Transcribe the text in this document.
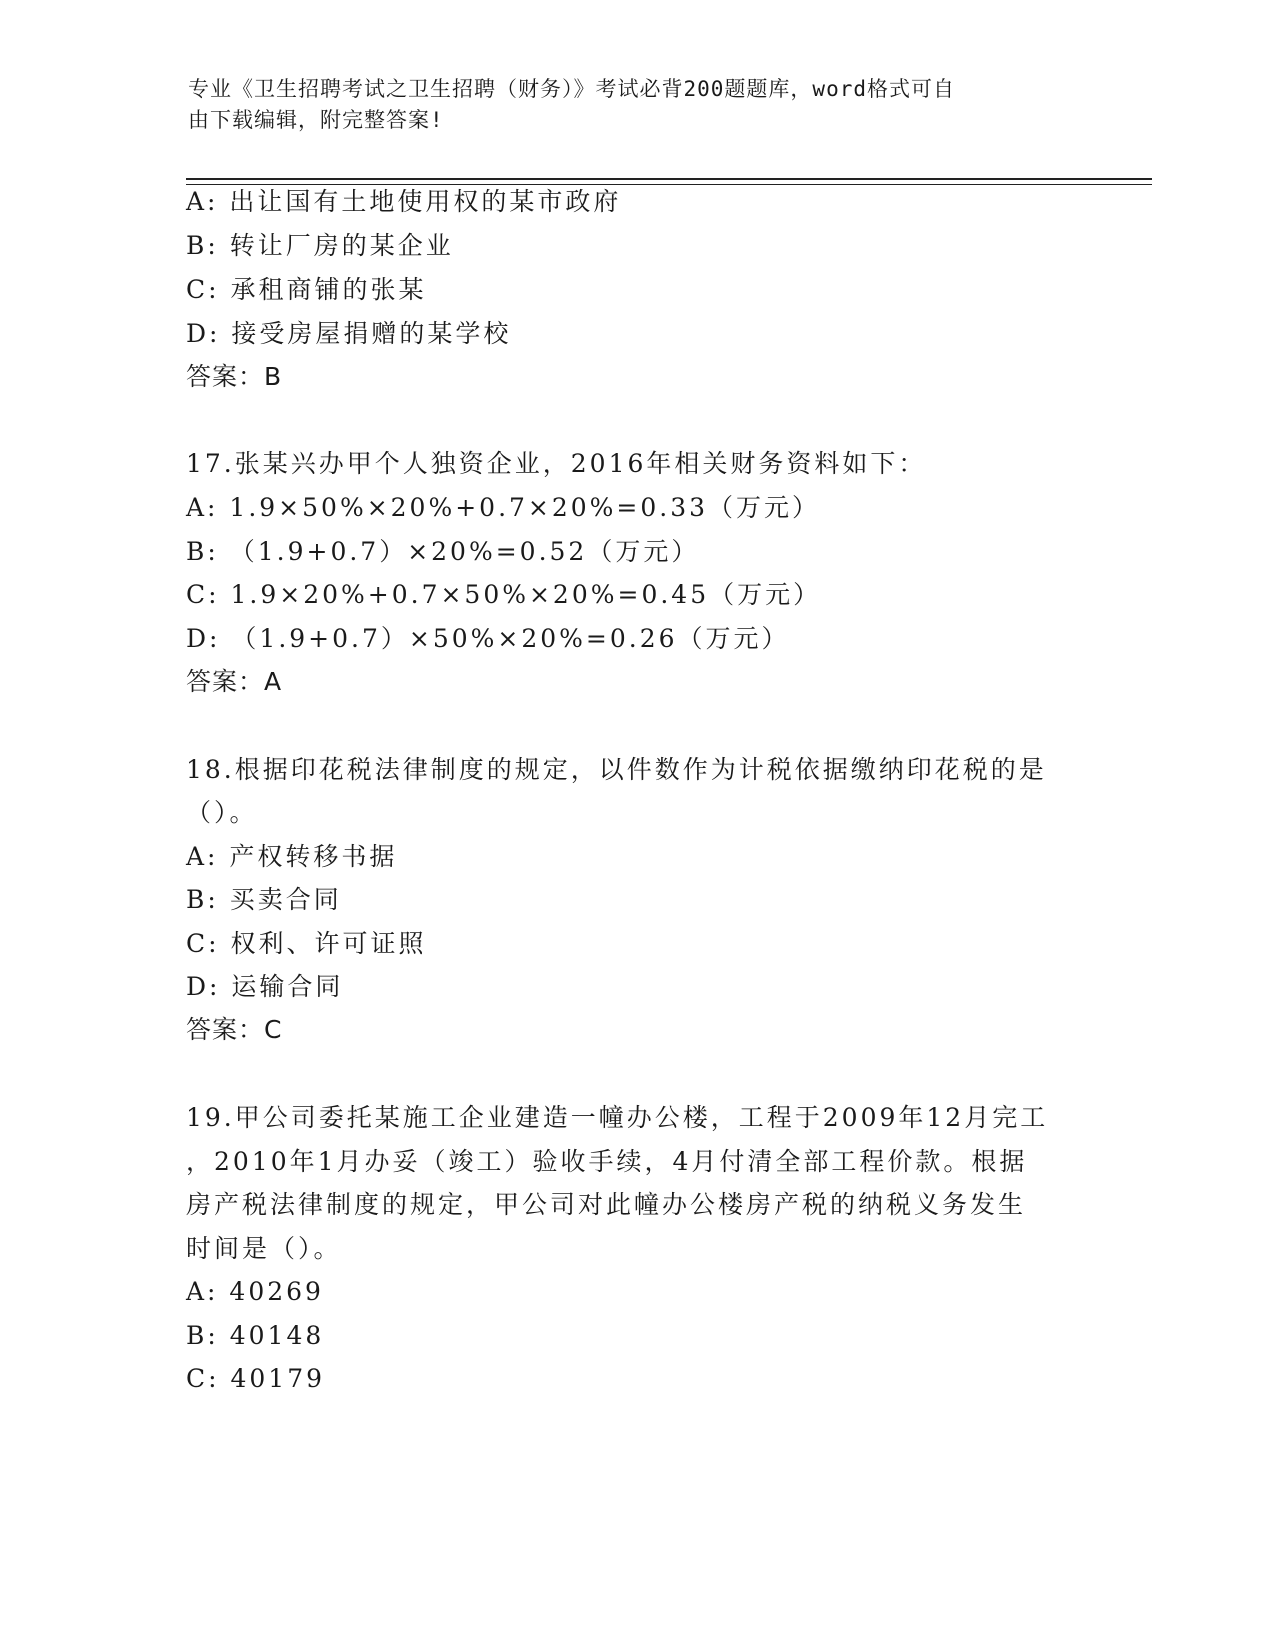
专业《卫生招聘考试之卫生招聘（财务）》考试必背200题题库，word格式可自
由下载编辑，附完整答案!
A: 出让国有土地使用权的某市政府
B: 转让厂房的某企业
C: 承租商铺的张某
D: 接受房屋捐赠的某学校
答案：B
17.张某兴办甲个人独资企业，2016年相关财务资料如下：
A: 1.9×50%×20%+0.7×20%=0.33（万元）
B: （1.9+0.7）×20%=0.52（万元）
C: 1.9×20%+0.7×50%×20%=0.45（万元）
D: （1.9+0.7）×50%×20%=0.26（万元）
答案：A
18.根据印花税法律制度的规定，以件数作为计税依据缴纳印花税的是
（）。
A: 产权转移书据
B: 买卖合同
C: 权利、许可证照
D: 运输合同
答案：C
19.甲公司委托某施工企业建造一幢办公楼，工程于2009年12月完工
，2010年1月办妥（竣工）验收手续，4月付清全部工程价款。根据
房产税法律制度的规定，甲公司对此幢办公楼房产税的纳税义务发生
时间是（）。
A: 40269
B: 40148
C: 40179
